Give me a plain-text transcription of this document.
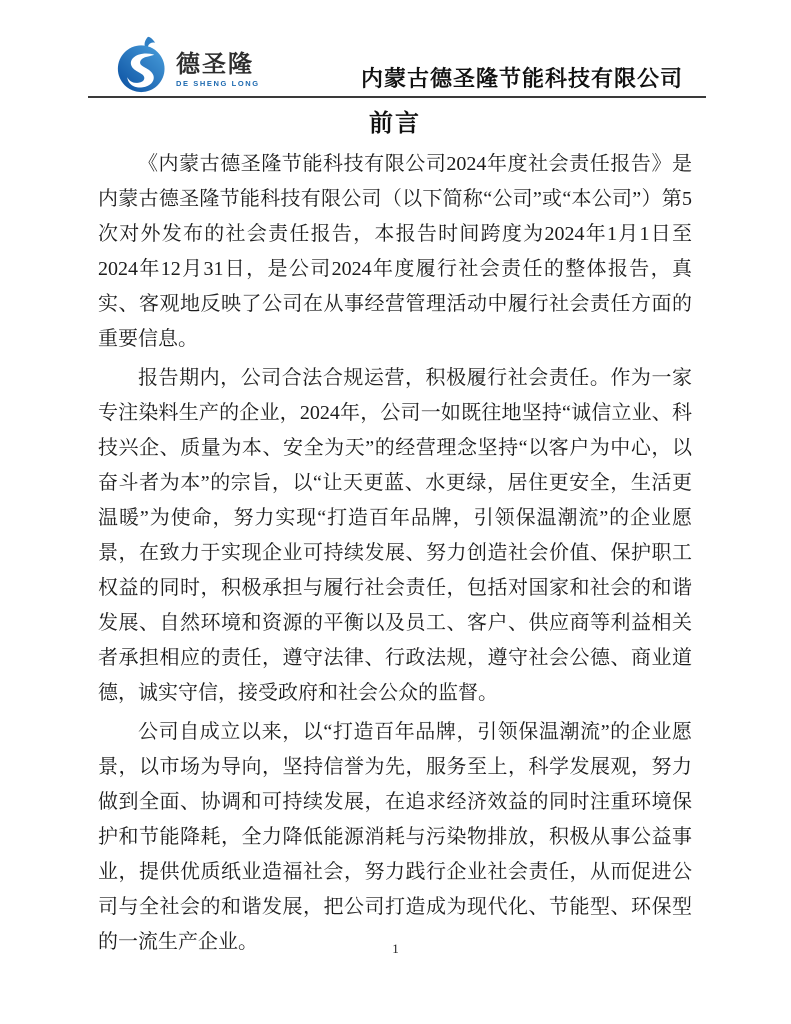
德圣隆
DE SHENG LONG	内蒙古德圣隆节能科技有限公司
前言

《内蒙古德圣隆节能科技有限公司2024年度社会责任报告》是内蒙古德圣隆节能科技有限公司（以下简称“公司”或“本公司”）第5次对外发布的社会责任报告，本报告时间跨度为2024年1月1日至2024年12月31日，是公司2024年度履行社会责任的整体报告，真实、客观地反映了公司在从事经营管理活动中履行社会责任方面的重要信息。

报告期内，公司合法合规运营，积极履行社会责任。作为一家专注染料生产的企业，2024年，公司一如既往地坚持“诚信立业、科技兴企、质量为本、安全为天”的经营理念坚持“以客户为中心，以奋斗者为本”的宗旨，以“让天更蓝、水更绿，居住更安全，生活更温暖”为使命，努力实现“打造百年品牌，引领保温潮流”的企业愿景，在致力于实现企业可持续发展、努力创造社会价值、保护职工权益的同时，积极承担与履行社会责任，包括对国家和社会的和谐发展、自然环境和资源的平衡以及员工、客户、供应商等利益相关者承担相应的责任，遵守法律、行政法规，遵守社会公德、商业道德，诚实守信，接受政府和社会公众的监督。

公司自成立以来，以“打造百年品牌，引领保温潮流”的企业愿景，以市场为导向，坚持信誉为先，服务至上，科学发展观，努力做到全面、协调和可持续发展，在追求经济效益的同时注重环境保护和节能降耗，全力降低能源消耗与污染物排放，积极从事公益事业，提供优质纸业造福社会，努力践行企业社会责任，从而促进公司与全社会的和谐发展，把公司打造成为现代化、节能型、环保型的一流生产企业。	1
